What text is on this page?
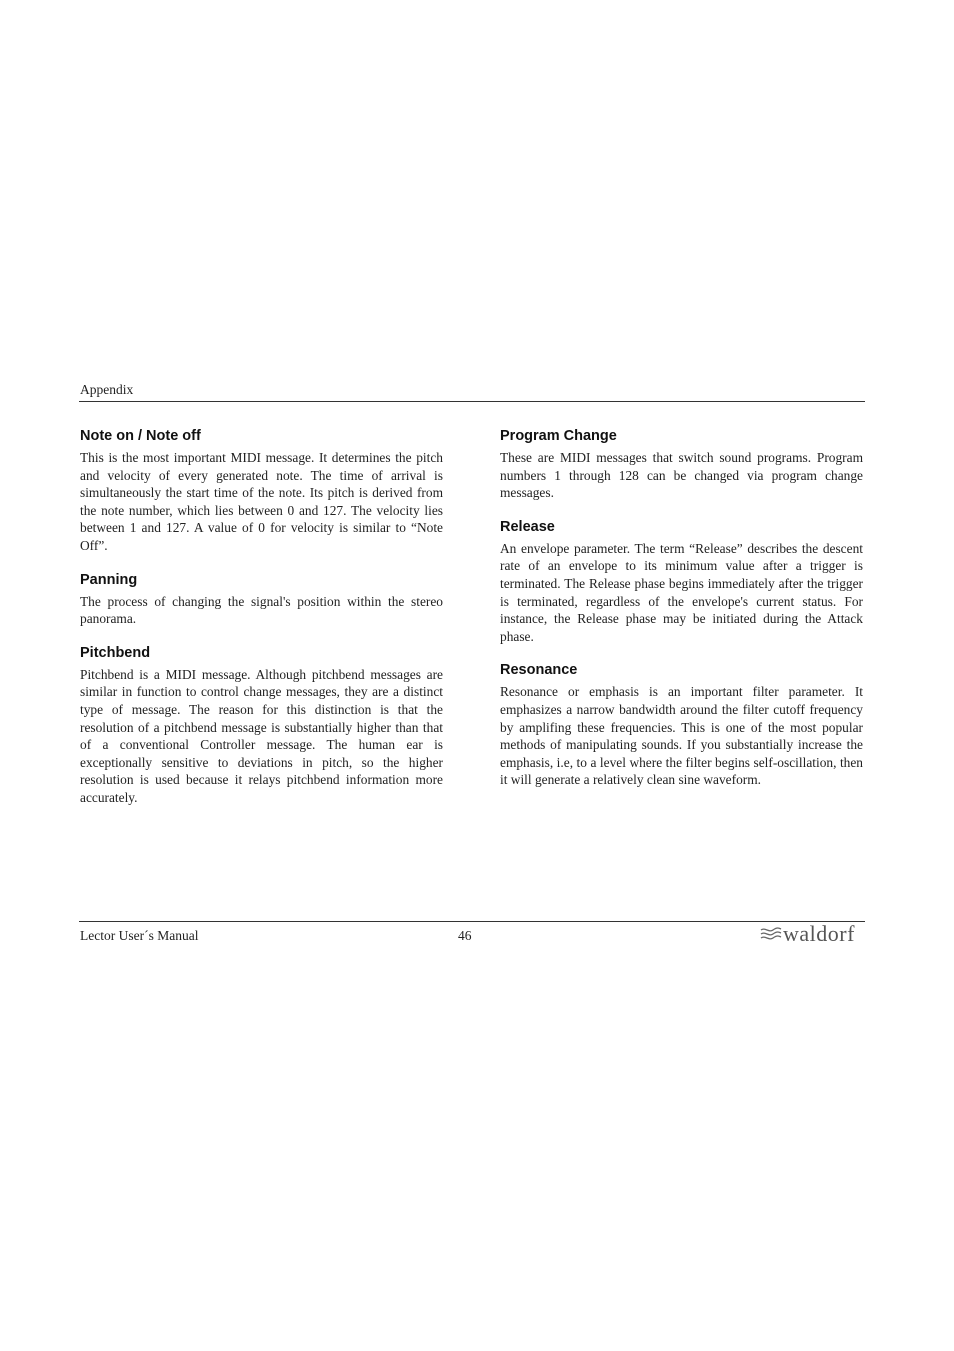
Appendix
Note on / Note off

This is the most important MIDI message. It determines the pitch and velocity of every generated note. The time of arrival is simultaneously the start time of the note. Its pitch is derived from the note number, which lies between 0 and 127. The velocity lies between 1 and 127. A value of 0 for velocity is similar to “Note Off”.

Panning

The process of changing the signal's position within the stereo panorama.

Pitchbend

Pitchbend is a MIDI message. Although pitchbend messages are similar in function to control change messages, they are a distinct type of message. The reason for this distinction is that the resolution of a pitchbend message is substantially higher than that of a conventional Controller message. The human ear is exceptionally sensitive to deviations in pitch, so the higher resolution is used because it relays pitchbend information more accurately.

Program Change

These are MIDI messages that switch sound programs. Program numbers 1 through 128 can be changed via program change messages.

Release

An envelope parameter. The term “Release” describes the descent rate of an envelope to its minimum value after a trigger is terminated. The Release phase begins immediately after the trigger is terminated, regardless of the envelope's current status. For instance, the Release phase may be initiated during the Attack phase.

Resonance

Resonance or emphasis is an important filter parameter. It emphasizes a narrow bandwidth around the filter cutoff frequency by amplifing these frequencies. This is one of the most popular methods of manipulating sounds. If you substantially increase the emphasis, i.e, to a level where the filter begins self-oscillation, then it will generate a relatively clean sine waveform.

Lector User´s Manual	46	waldorf
